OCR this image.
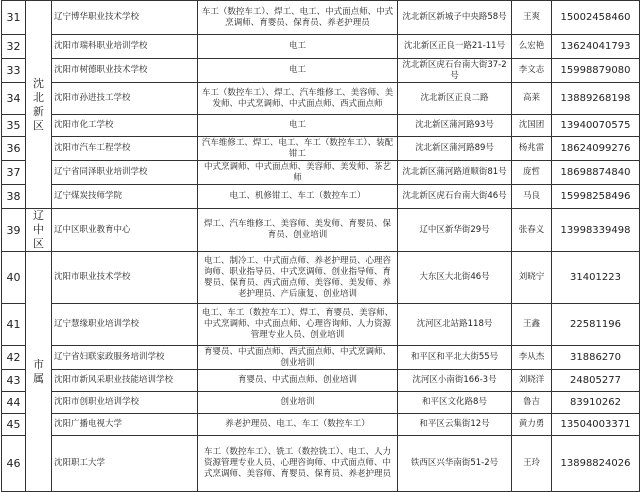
31	沈北新区	辽宁博华职业技术学校	车工（数控车工）、焊工、电工、中式面点师、中式烹调师、育婴员、保育员、养老护理员	沈北新区新城子中央路58号	王爽	15002458460
32		沈阳市瑞科职业培训学校	电工	沈北新区正良一路21-11号	么宏艳	13624041793
33		沈阳市树德职业技术学校	电工	沈北新区虎石台南大街37-2号	李文志	15998879080
34		沈阳市孙进技工学校	车工（数控车工）、焊工、汽车维修工、美容师、美发师、中式烹调师、中式面点师、西式面点师	沈北新区正良二路	高莱	13889268198
35		沈阳市化工学校	电工	沈北新区蒲河路93号	沈国团	13940070575
36		沈阳市汽车工程学校	汽车维修工、焊工、电工、车工（数控车工）、装配钳工	沈北新区蒲河路89号	杨兆雷	18624099276
37		辽宁省同泽职业培训学校	中式烹调师、中式面点师、美容师、美发师、茶艺师	沈北新区蒲河路道顺街81号	庞哲	18698874840
38		辽宁煤炭技师学院	电工、机修钳工、车工（数控车工）	沈北新区虎石台南大街46号	马良	15998258496
39	辽中区	辽中区职业教育中心	焊工、汽车维修工、美容师、美发师、育婴员、保育员、创业培训	辽中区新华街29号	张春义	13998339498
40	市属	沈阳市职业技术学校	电工、制冷工、中式面点师、养老护理员、心理咨询师、职业指导员、中式烹调师、创业指导师、育婴员、保育员、西式面点师、美容师、美发师、养老护理员、产后康复、创业培训	大东区大北街46号	刘晓宁	31401223
41		辽宁慧缘职业培训学校	电工、车工（数控车工）、焊工、育婴员、美容师、中式烹调师、中式面点师、心理咨询师、人力资源管理专业人员、创业培训	沈河区北站路118号	王鑫	22581196
42		辽宁省妇联家政服务培训学校	育婴员、中式面点师、西式面点师、中式烹调师、创业培训	和平区和平北大街55号	李从杰	31886270
43		沈阳市新风采职业技能培训学校	育婴员、中式面点师、创业培训	沈河区小南街166-3号	刘晓洋	24805277
44		沈阳市创职业培训学校	创业培训	和平区文化路8号	鲁吉	83910262
45		沈阳广播电视大学	养老护理员、电工、车工（数控车工）	和平区云集街12号	黄力勇	13504003371
46		沈阳职工大学	车工（数控车工）、铣工（数控铣工）、电工、人力资源管理专业人员、心理咨询师、中式面点师、中式烹调师、美容师、育婴员、保育员、养老护理员	铁西区兴华南街51-2号	王玲	13898824026
